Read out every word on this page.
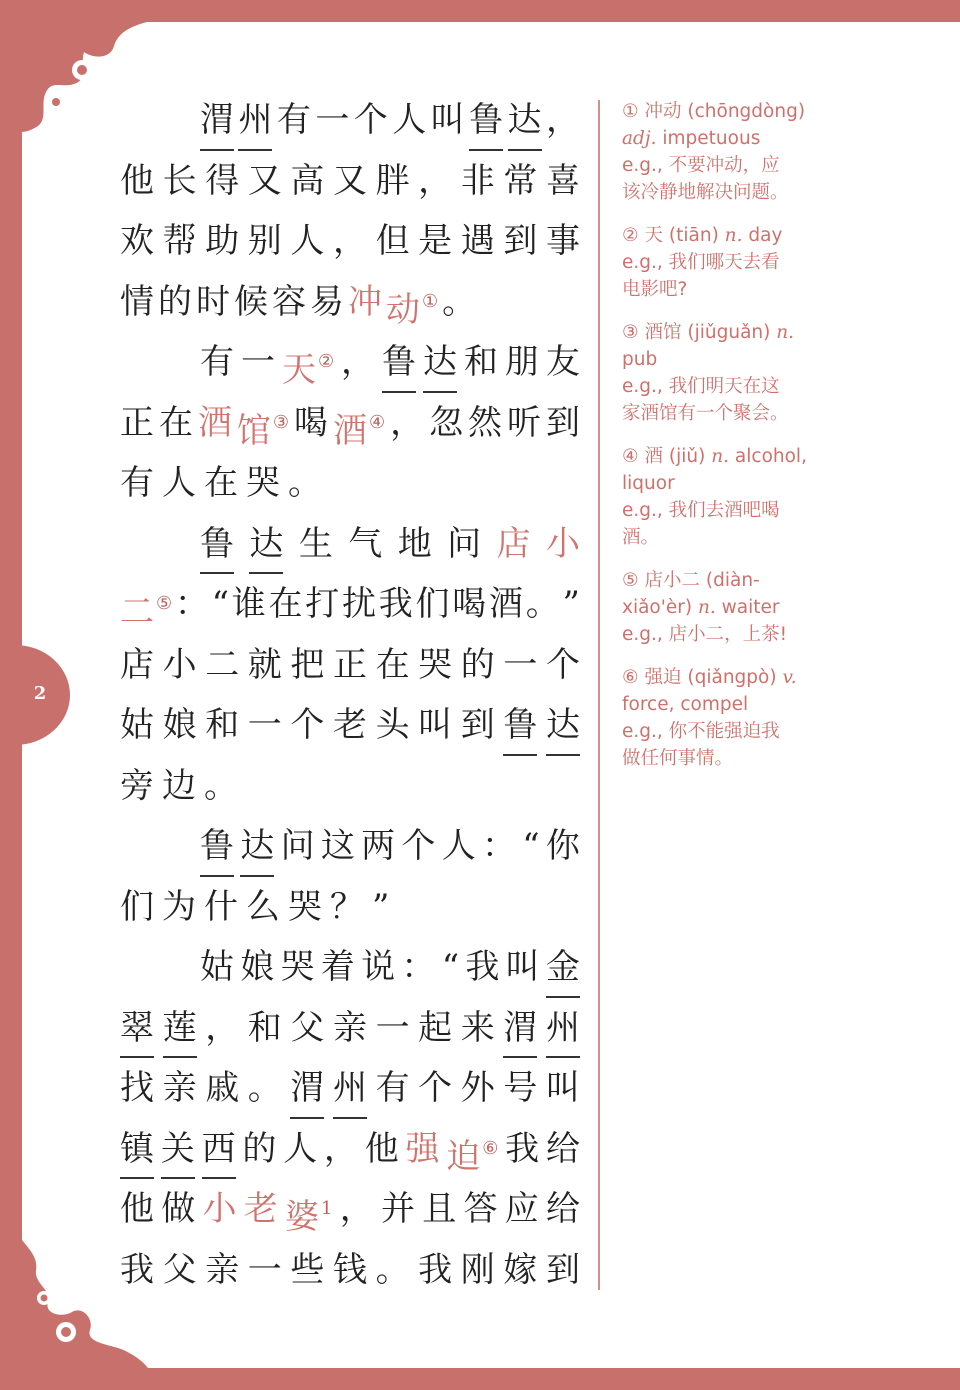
2
渭 州 有 一 个 人 叫 鲁 达 ，
他 长 得 又 高 又 胖 ， 非 常 喜
欢 帮 助 别 人 ， 但 是 遇 到 事
情 的 时 候 容 易 冲 动 ① 。
有 一 天 ② ， 鲁 达 和 朋 友
正 在 酒 馆 ③ 喝 酒 ④ ， 忽 然 听 到
有 人 在 哭 。
鲁 达 生 气 地 问 店 小
二 ⑤ ： “ 谁 在 打 扰 我 们 喝 酒 。 ”
店 小 二 就 把 正 在 哭 的 一 个
姑 娘 和 一 个 老 头 叫 到 鲁 达
旁 边 。
鲁 达 问 这 两 个 人 ： “ 你
们 为 什 么 哭 ？ ”
姑 娘 哭 着 说 ： “ 我 叫 金
翠 莲 ， 和 父 亲 一 起 来 渭 州
找 亲 戚 。 渭 州 有 个 外 号 叫
镇 关 西 的 人 ， 他 强 迫 ⑥ 我 给
他 做 小 老 婆 $^1$ ， 并 且 答 应 给
我 父 亲 一 些 钱 。 我 刚 嫁 到
① 冲动 (chōngdòng) adj. impetuous
e.g., 不要冲动，应
该冷静地解决问题。
② 天 (tiān) n. day
e.g., 我们哪天去看
电影吧?
③ 酒馆 (jiǔguǎn) n. pub
e.g., 我们明天在这
家酒馆有一个聚会。
④ 酒 (jiǔ) n. alcohol, liquor
e.g., 我们去酒吧喝
酒。
⑤ 店小二 (diàn-xiǎo'èr) n. waiter
e.g., 店小二，上茶!
⑥ 强迫 (qiǎngpò) v. force, compel
e.g., 你不能强迫我
做任何事情。
